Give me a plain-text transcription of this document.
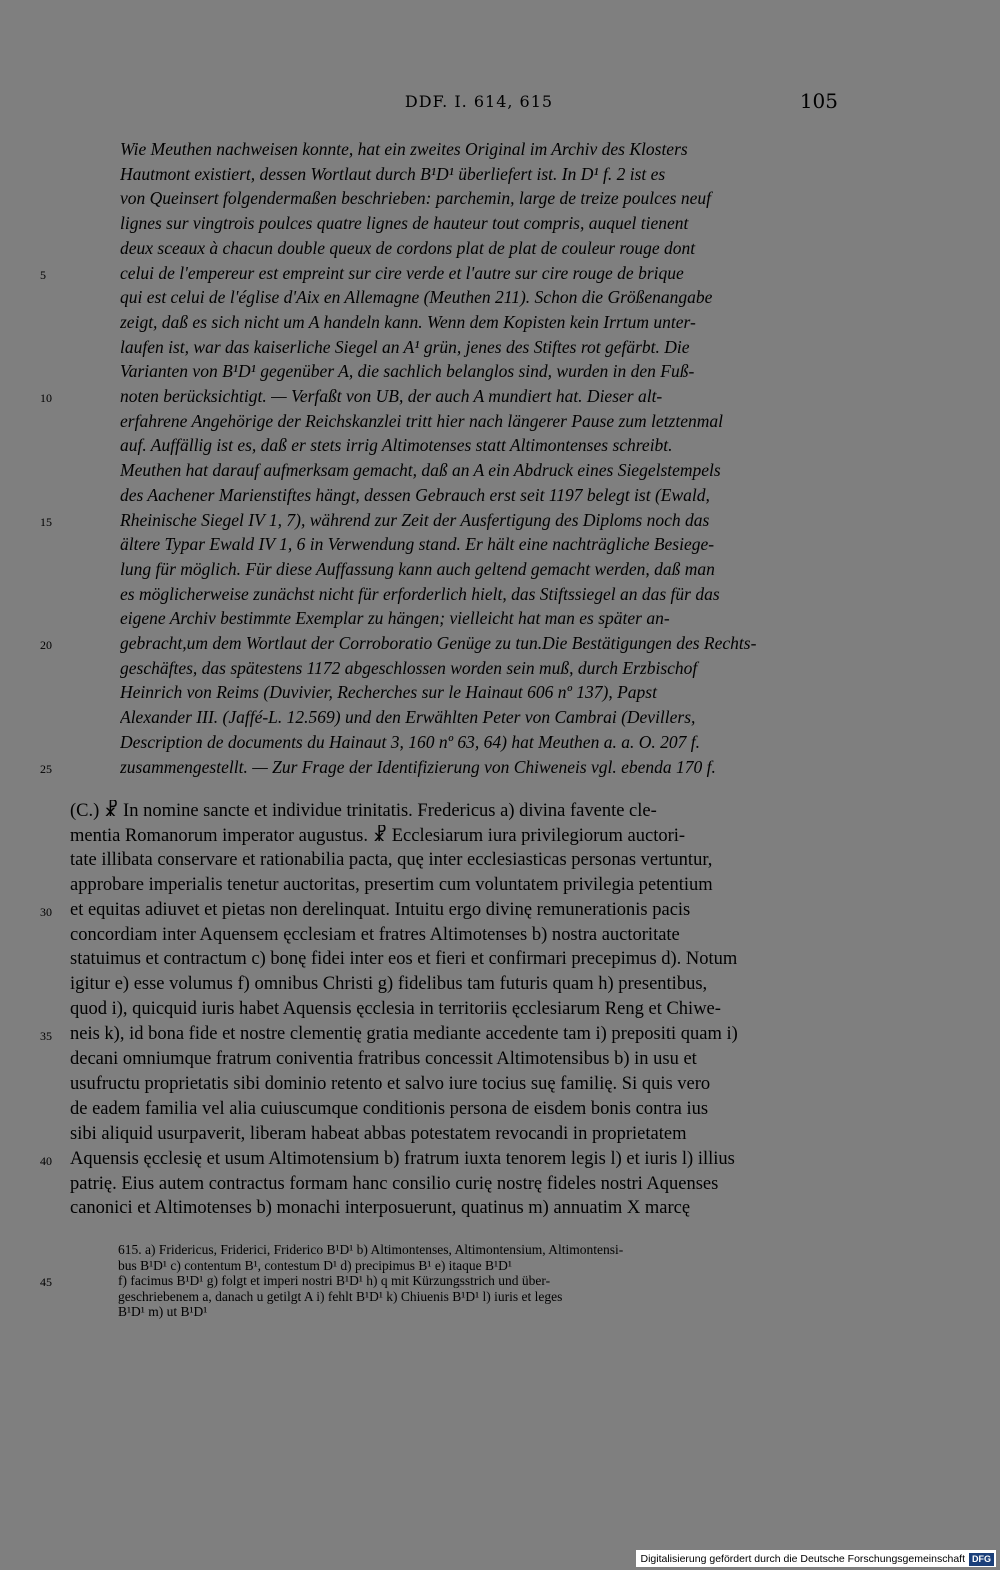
DDF. I. 614, 615	105
Wie Meuthen nachweisen konnte, hat ein zweites Original im Archiv des Klosters
Hautmont existiert, dessen Wortlaut durch B¹D¹ überliefert ist. In D¹ f. 2 ist es
von Queinsert folgendermaßen beschrieben: parchemin, large de treize poulces neuf
lignes sur vingtrois poulces quatre lignes de hauteur tout compris, auquel tienent
deux sceaux à chacun double queux de cordons plat de plat de couleur rouge dont
celui de l'empereur est empreint sur cire verde et l'autre sur cire rouge de brique
qui est celui de l'église d'Aix en Allemagne (Meuthen 211). Schon die Größenangabe
zeigt, daß es sich nicht um A handeln kann. Wenn dem Kopisten kein Irrtum unter-
laufen ist, war das kaiserliche Siegel an A¹ grün, jenes des Stiftes rot gefärbt. Die
Varianten von B¹D¹ gegenüber A, die sachlich belanglos sind, wurden in den Fuß-
noten berücksichtigt. — Verfaßt von UB, der auch A mundiert hat. Dieser alt-
erfahrene Angehörige der Reichskanzlei tritt hier nach längerer Pause zum letztenmal
auf. Auffällig ist es, daß er stets irrig Altimotenses statt Altimontenses schreibt.
Meuthen hat darauf aufmerksam gemacht, daß an A ein Abdruck eines Siegelstempels
des Aachener Marienstiftes hängt, dessen Gebrauch erst seit 1197 belegt ist (Ewald,
Rheinische Siegel IV 1, 7), während zur Zeit der Ausfertigung des Diploms noch das
ältere Typar Ewald IV 1, 6 in Verwendung stand. Er hält eine nachträgliche Besiege-
lung für möglich. Für diese Auffassung kann auch geltend gemacht werden, daß man
es möglicherweise zunächst nicht für erforderlich hielt, das Stiftssiegel an das für das
eigene Archiv bestimmte Exemplar zu hängen; vielleicht hat man es später an-
gebracht,um dem Wortlaut der Corroboratio Genüge zu tun.Die Bestätigungen des Rechts-
geschäftes, das spätestens 1172 abgeschlossen worden sein muß, durch Erzbischof
Heinrich von Reims (Duvivier, Recherches sur le Hainaut 606 nº 137), Papst
Alexander III. (Jaffé-L. 12.569) und den Erwählten Peter von Cambrai (Devillers,
Description de documents du Hainaut 3, 160 nº 63, 64) hat Meuthen a. a. O. 207 f.
zusammengestellt. — Zur Frage der Identifizierung von Chiweneis vgl. ebenda 170 f.
5
10
15
20
25
(C.) ☧ In nomine sancte et individue trinitatis. Fredericus a) divina favente cle-
mentia Romanorum imperator augustus. ☧ Ecclesiarum iura privilegiorum auctori-
tate illibata conservare et rationabilia pacta, quę inter ecclesiasticas personas vertuntur,
approbare imperialis tenetur auctoritas, presertim cum voluntatem privilegia petentium
et equitas adiuvet et pietas non derelinquat. Intuitu ergo divinę remunerationis pacis
concordiam inter Aquensem ęcclesiam et fratres Altimotenses b) nostra auctoritate
statuimus et contractum c) bonę fidei inter eos et fieri et confirmari precepimus d). Notum
igitur e) esse volumus f) omnibus Christi g) fidelibus tam futuris quam h) presentibus,
quod i), quicquid iuris habet Aquensis ęcclesia in territoriis ęcclesiarum Reng et Chiwe-
neis k), id bona fide et nostre clementię gratia mediante accedente tam i) prepositi quam i)
decani omniumque fratrum coniventia fratribus concessit Altimotensibus b) in usu et
usufructu proprietatis sibi dominio retento et salvo iure tocius suę familię. Si quis vero
de eadem familia vel alia cuiuscumque conditionis persona de eisdem bonis contra ius
sibi aliquid usurpaverit, liberam habeat abbas potestatem revocandi in proprietatem
Aquensis ęcclesię et usum Altimotensium b) fratrum iuxta tenorem legis l) et iuris l) illius
patrię. Eius autem contractus formam hanc consilio curię nostrę fideles nostri Aquenses
canonici et Altimotenses b) monachi interposuerunt, quatinus m) annuatim X marcę
30
35
40
615. a) Fridericus, Friderici, Friderico B¹D¹ b) Altimontenses, Altimontensium, Altimontensi-
bus B¹D¹ c) contentum B¹, contestum D¹ d) precipimus B¹ e) itaque B¹D¹
f) facimus B¹D¹ g) folgt et imperi nostri B¹D¹ h) q mit Kürzungsstrich und über-
geschriebenem a, danach u getilgt A i) fehlt B¹D¹ k) Chiuenis B¹D¹ l) iuris et leges
B¹D¹ m) ut B¹D¹
45
Digitalisierung gefördert durch die Deutsche Forschungsgemeinschaft DFG
